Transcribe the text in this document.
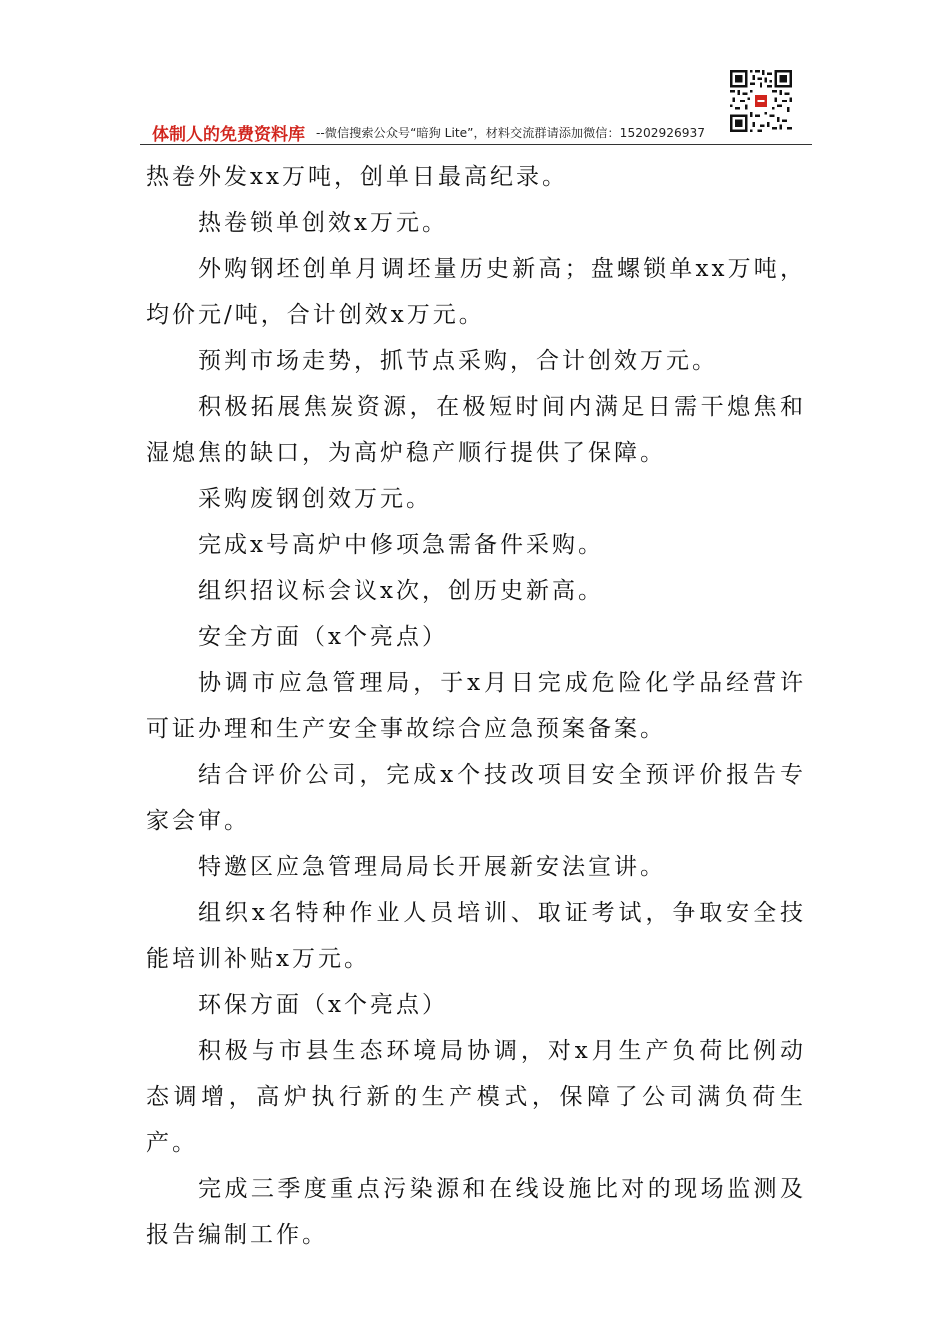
体制人的免费资料库 --微信搜索公众号“暗狗 Lite”，材料交流群请添加微信：15202926937

热卷外发xx万吨，创单日最高纪录。

热卷锁单创效x万元。

外购钢坯创单月调坯量历史新高；盘螺锁单xx万吨，均价元/吨，合计创效x万元。

预判市场走势，抓节点采购，合计创效万元。

积极拓展焦炭资源，在极短时间内满足日需干熄焦和湿熄焦的缺口，为高炉稳产顺行提供了保障。

采购废钢创效万元。

完成x号高炉中修项急需备件采购。

组织招议标会议x次，创历史新高。

安全方面（x个亮点）

协调市应急管理局，于x月日完成危险化学品经营许可证办理和生产安全事故综合应急预案备案。

结合评价公司，完成x个技改项目安全预评价报告专家会审。

特邀区应急管理局局长开展新安法宣讲。

组织x名特种作业人员培训、取证考试，争取安全技能培训补贴x万元。

环保方面（x个亮点）

积极与市县生态环境局协调，对x月生产负荷比例动态调增，高炉执行新的生产模式，保障了公司满负荷生产。

完成三季度重点污染源和在线设施比对的现场监测及报告编制工作。
